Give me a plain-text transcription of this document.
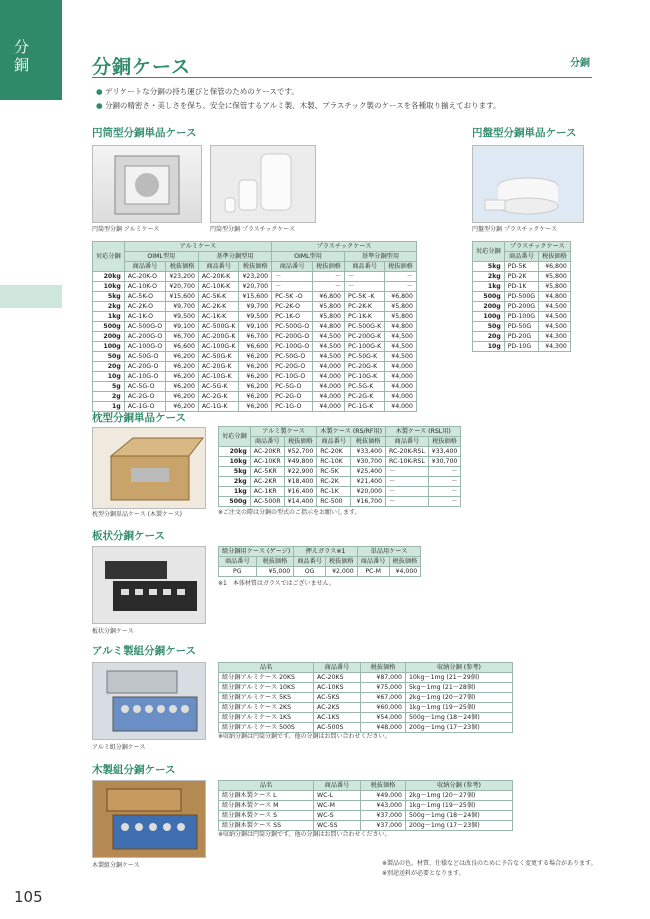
分銅
105
分銅ケース	分銅
● デリケートな分銅の持ち運びと保管のためのケースです。
● 分銅の精密さ・美しさを保ち、安全に保管するアルミ製、木製、プラスチック製のケースを各種取り揃えております。
円筒型分銅単品ケース
円筒型分銅 アルミケース	円筒型分銅 プラスチックケース
円盤型分銅単品ケース
円盤型分銅 プラスチックケース
対応分銅	アルミケース				プラスチックケース			
	OIML型用		基準分銅型用		OIML型用		基準分銅型用	
	商品番号	税抜価格	商品番号	税抜価格	商品番号	税抜価格	商品番号	税抜価格
20kg	AC-20K-O	¥23,200	AC-20K-K	¥23,200	－	－	－	－
10kg	AC-10K-O	¥20,700	AC-10K-K	¥20,700	－	－	－	－
5kg	AC-5K-O	¥15,600	AC-5K-K	¥15,600	PC-5K -O	¥6,800	PC-5K -K	¥6,800
2kg	AC-2K-O	¥9,700	AC-2K-K	¥9,700	PC-2K-O	¥5,800	PC-2K-K	¥5,800
1kg	AC-1K-O	¥9,500	AC-1K-K	¥9,500	PC-1K-O	¥5,800	PC-1K-K	¥5,800
500g	AC-500G-O	¥9,100	AC-500G-K	¥9,100	PC-500G-O	¥4,800	PC-500G-K	¥4,800
200g	AC-200G-O	¥6,700	AC-200G-K	¥6,700	PC-200G-O	¥4,500	PC-200G-K	¥4,500
100g	AC-100G-O	¥6,600	AC-100G-K	¥6,600	PC-100G-O	¥4,500	PC-100G-K	¥4,500
50g	AC-50G-O	¥6,200	AC-50G-K	¥6,200	PC-50G-O	¥4,500	PC-50G-K	¥4,500
20g	AC-20G-O	¥6,200	AC-20G-K	¥6,200	PC-20G-O	¥4,000	PC-20G-K	¥4,000
10g	AC-10G-O	¥6,200	AC-10G-K	¥6,200	PC-10G-O	¥4,000	PC-10G-K	¥4,000
5g	AC-5G-O	¥6,200	AC-5G-K	¥6,200	PC-5G-O	¥4,000	PC-5G-K	¥4,000
2g	AC-2G-O	¥6,200	AC-2G-K	¥6,200	PC-2G-O	¥4,000	PC-2G-K	¥4,000
1g	AC-1G-O	¥6,200	AC-1G-K	¥6,200	PC-1G-O	¥4,000	PC-1G-K	¥4,000
対応分銅	プラスチックケース	
	商品番号	税抜価格
5kg	PD-5K	¥6,800
2kg	PD-2K	¥5,800
1kg	PD-1K	¥5,800
500g	PD-500G	¥4,800
200g	PD-200G	¥4,500
100g	PD-100G	¥4,500
50g	PD-50G	¥4,500
20g	PD-20G	¥4,300
10g	PD-10G	¥4,300
枕型分銅単品ケース
枕型分銅単品ケース (木製ケース)
対応分銅	アルミ製ケース		木製ケース (RS/RF用)		木製ケース (RSL用)	
	商品番号	税抜価格	商品番号	税抜価格	商品番号	税抜価格
20kg	AC-20KR	¥52,700	RC-20K	¥33,400	RC-20K-RSL	¥33,400
10kg	AC-10KR	¥49,800	RC-10K	¥30,700	RC-10K-RSL	¥30,700
5kg	AC-5KR	¥22,900	RC-5K	¥25,400	－	－
2kg	AC-2KR	¥18,400	RC-2K	¥21,400	－	－
1kg	AC-1KR	¥16,400	RC-1K	¥20,000	－	－
500g	AC-500R	¥14,400	RC-500	¥16,700	－	－
※ご注文の際は分銅の型式のご指示をお願いします。
板状分銅ケース
板状分銅ケース
組分銅用ケース (ゲージ)		押えガラス※1		単品用ケース	
商品番号	税抜価格	商品番号	税抜価格	商品番号	税抜価格
PG	¥5,000	OG	¥2,000	PC-M	¥4,000
※1　本体材質はガラスではございません。
アルミ製組分銅ケース
アルミ組分銅ケース
品名	商品番号	税抜価格	収納分銅 (参考)
組分銅アルミケース 20KS	AC-20KS	¥87,000	10kg～1mg (21～29個)
組分銅アルミケース 10KS	AC-10KS	¥75,000	5kg～1mg (21～28個)
組分銅アルミケース 5KS	AC-5KS	¥67,000	2kg～1mg (20～27個)
組分銅アルミケース 2KS	AC-2KS	¥60,000	1kg～1mg (19～25個)
組分銅アルミケース 1KS	AC-1KS	¥54,000	500g～1mg (18～24個)
組分銅アルミケース 500S	AC-500S	¥48,000	200g～1mg (17～23個)
※収納分銅は円筒分銅です。他の分銅はお問い合わせください。
木製組分銅ケース
木製組分銅ケース
品名	商品番号	税抜価格	収納分銅 (参考)
組分銅木製ケース L	WC-L	¥49,000	2kg～1mg (20～27個)
組分銅木製ケース M	WC-M	¥43,000	1kg～1mg (19～25個)
組分銅木製ケース S	WC-S	¥37,000	500g～1mg (18～24個)
組分銅木製ケース SS	WC-SS	¥37,000	200g～1mg (17～23個)
※収納分銅は円筒分銅です。他の分銅はお問い合わせください。
※製品の色、材質、仕様などは改良のために予告なく変更する場合があります。
※別途送料が必要となります。
